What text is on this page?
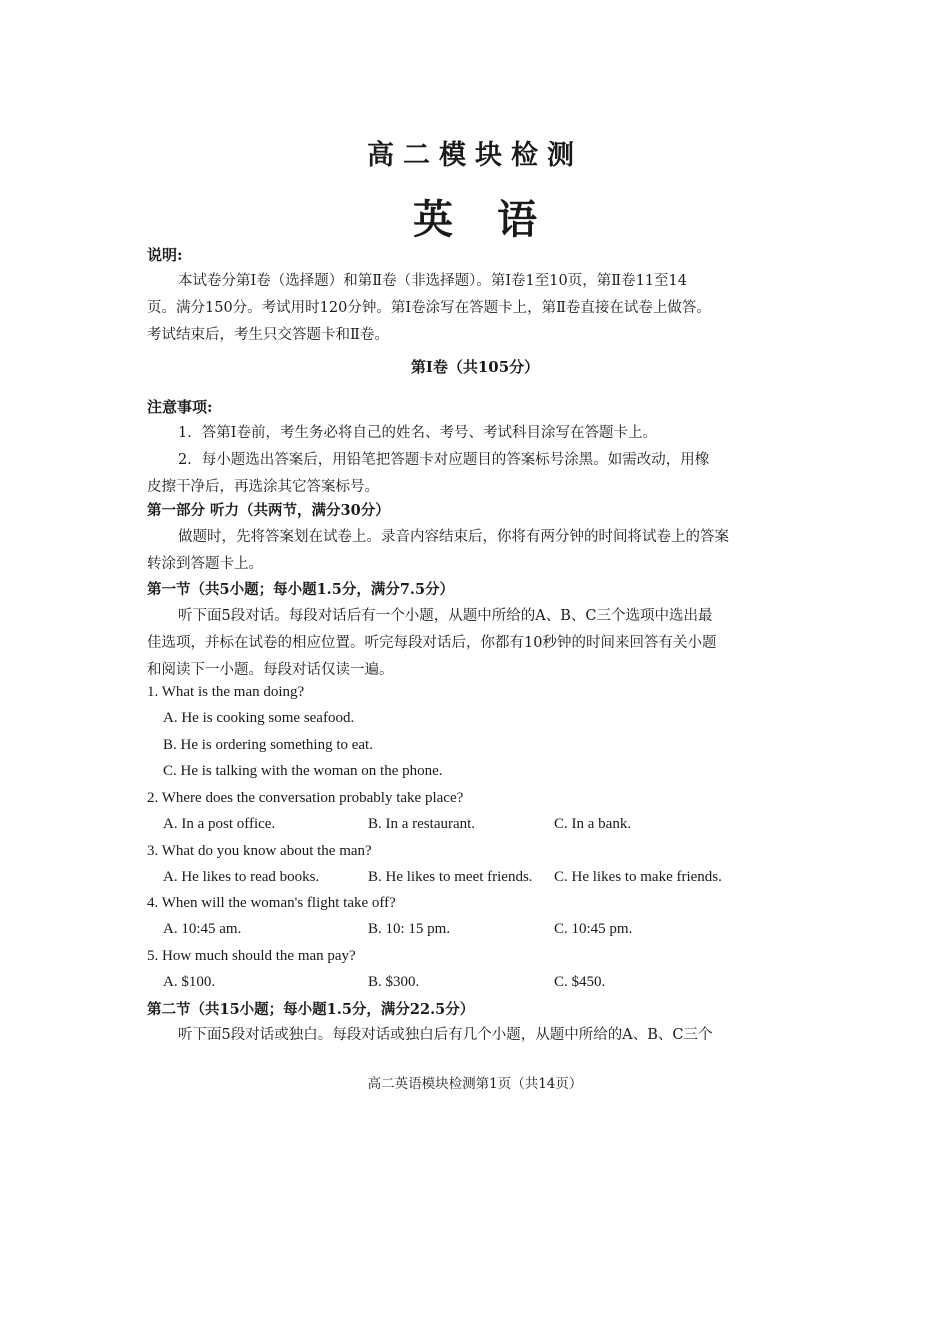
高二模块检测
英语
说明:
本试卷分第Ⅰ卷（选择题）和第Ⅱ卷（非选择题）。第Ⅰ卷1至10页，第Ⅱ卷11至14
页。满分150分。考试用时120分钟。第Ⅰ卷涂写在答题卡上，第Ⅱ卷直接在试卷上做答。
考试结束后，考生只交答题卡和Ⅱ卷。
第Ⅰ卷（共105分）
注意事项:
1．答第Ⅰ卷前，考生务必将自己的姓名、考号、考试科目涂写在答题卡上。
2．每小题选出答案后，用铅笔把答题卡对应题目的答案标号涂黑。如需改动，用橡
皮擦干净后，再选涂其它答案标号。
第一部分 听力（共两节，满分30分）
做题时，先将答案划在试卷上。录音内容结束后，你将有两分钟的时间将试卷上的答案
转涂到答题卡上。
第一节（共5小题；每小题1.5分，满分7.5分）
听下面5段对话。每段对话后有一个小题，从题中所给的A、B、C三个选项中选出最
佳选项，并标在试卷的相应位置。听完每段对话后，你都有10秒钟的时间来回答有关小题
和阅读下一小题。每段对话仅读一遍。
1. What is the man doing?
A. He is cooking some seafood.
B. He is ordering something to eat.
C. He is talking with the woman on the phone.
2. Where does the conversation probably take place?
A. In a post office.	B. In a restaurant.	C. In a bank.
3. What do you know about the man?
A. He likes to read books.	B. He likes to meet friends. C. He likes to make friends.
4. When will the woman's flight take off?
A. 10:45 am.	B. 10: 15 pm.	C. 10:45 pm.
5. How much should the man pay?
A. $100.	B. $300.	C. $450.
第二节（共15小题；每小题1.5分，满分22.5分）
听下面5段对话或独白。每段对话或独白后有几个小题，从题中所给的A、B、C三个
高二英语模块检测第1页（共14页）
